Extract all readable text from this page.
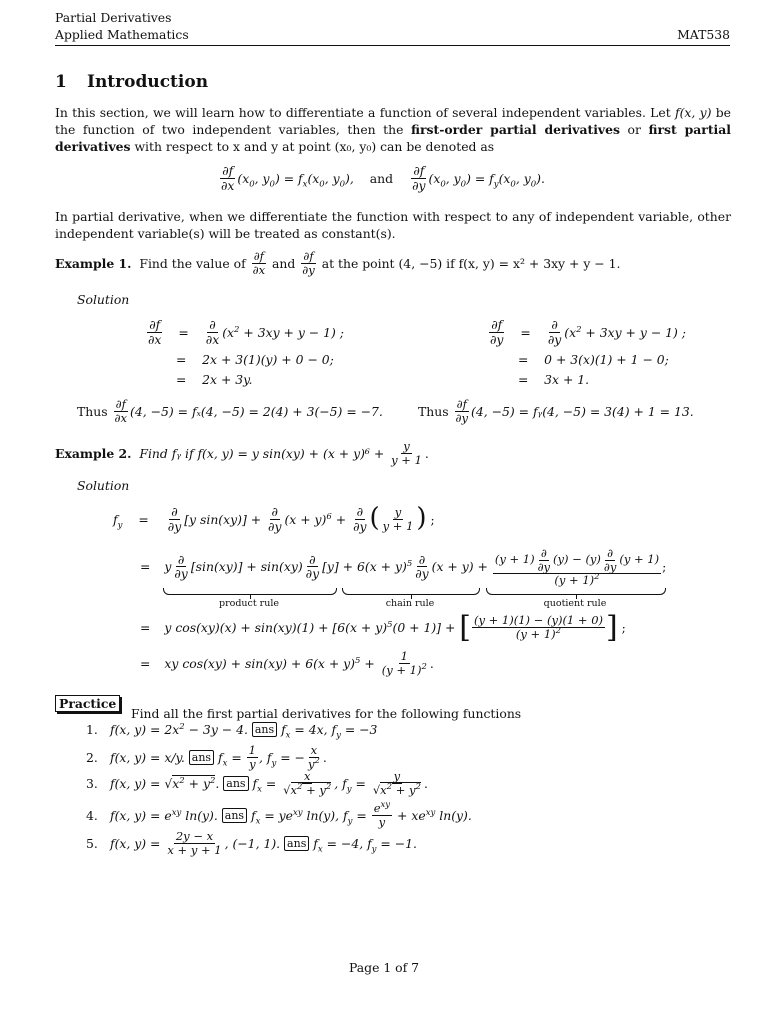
Partial Derivatives
Applied Mathematics	MAT538
1 Introduction
In this section, we will learn how to differentiate a function of several independent variables. Let f(x, y) be the function of two independent variables, then the first-order partial derivatives or first partial derivatives with respect to x and y at point (x₀, y₀) can be denoted as
∂f
∂x ($x_0$, $y_0) = f_x(x_0$, $y_0$), and
∂f
∂y ($x_0$, $y_0) = f_y(x_0$, $y_0$).
In partial derivative, when we differentiate the function with respect to any of independent variable, other independent variable(s) will be treated as constant(s).
Example 1.
Find the value of
∂f
∂x
and
∂f
∂y
at the point (4, −5) if f(x, y) = x² + 3xy + y − 1.
Solution
$\frac{\partial f}{\partial x}$ =
∂
∂x $(x^2 + 3xy + y - 1)$ ;
=    2x + 3(1)(y) + 0 − 0;
=    2x + 3y.
$\frac{\partial f}{\partial y}$ =
∂
∂y $(x^2 + 3xy + y - 1)$ ;
=    0 + 3(x)(1) + 1 − 0;
=    3x + 1.
Thus
∂f
∂x (4, −5) = fₓ(4, −5) = 2(4) + 3(−5) = −7.	Thus
∂f
∂y (4, −5) = fᵧ(4, −5) = 3(4) + 1 = 13.
Example 2.
Find fᵧ if f(x, y) = y sin(xy) + (x + y)⁶ +
$\frac{y}{y + 1}$ .
Solution
$f_y$ =
∂
∂y [y sin(xy)] +
∂
∂y $(x + y)^6$ +
∂
∂y ( y
y + 1 ) ;
= y
∂
∂y [sin(xy)] + sin(xy)
∂
∂y $[y] + 6(x + y)^5$ ∂
∂y (x + y) + (y + 1) ∂
∂y
(y) − (y) ∂
∂y
(y + 1)
$(y + 1)^2$ ;
product rule	chain rule	quotient rule
= y $\cos(xy)(x) + \sin(xy)(1) + [6(x + y)^5(0 + 1)]$ + [ (y + 1)(1) − (y)(1 + 0)
$(y + 1)^2$ ] ;
= xy $\cos(xy) + \sin(xy) + 6(x + y)^5 + \frac{1}{(y + 1)^2}$ .
Practice
Find all the first partial derivatives for the following functions
1. f(x, $y) = 2x^2 - 3y - 4$. ans $f_x = 4x$, $f_y = -3$
2. f(x, y) = x/y. ans $f_x = \frac{1}{y}$ , $f_y$ = − $\frac{x}{y^2}$ .
3. f(x, $y) = √x^2 + y^2$. ans $f_x = \frac{x}{√x^2 + y^2}$ , $f_y = \frac{y}{√x^2 + y^2}$ .
4. f(x, $y) = e^{xy}$ ln(y). ans $f_x = ye^{xy}$ ln(y), $f_y = e^{xy}$
$y + xe^{xy}$ ln(y).
5. f(x, $y) = \frac{2y - x}{x + y + 1}$ , (−1, 1). ans $f_x = -4$, $f_y = -1$.
Page 1 of 7
